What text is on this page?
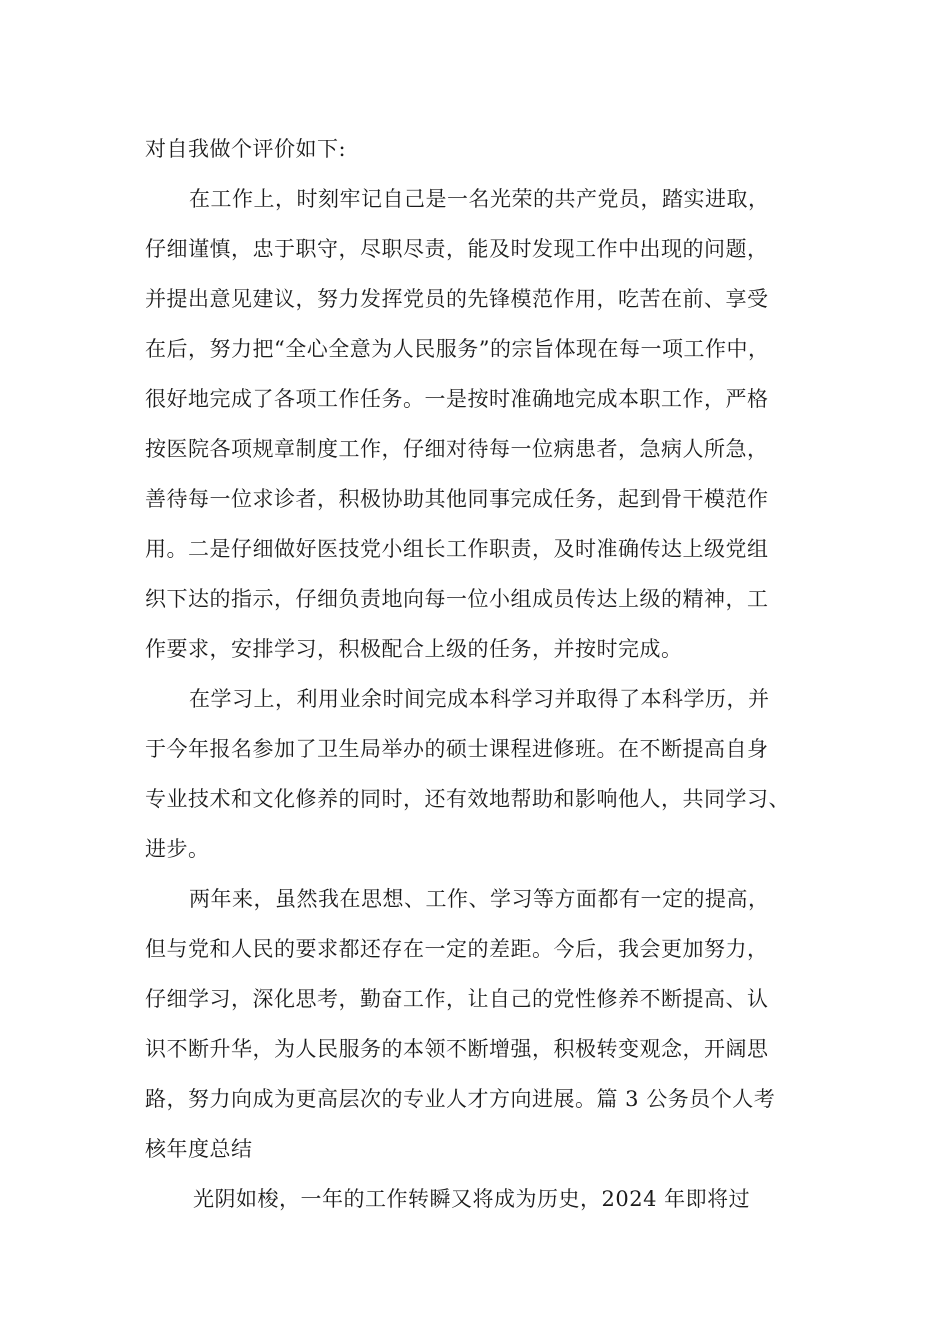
对自我做个评价如下:
在工作上，时刻牢记自己是一名光荣的共产党员，踏实进取，
仔细谨慎，忠于职守，尽职尽责，能及时发现工作中出现的问题，
并提出意见建议，努力发挥党员的先锋模范作用，吃苦在前、享受
在后，努力把“全心全意为人民服务”的宗旨体现在每一项工作中，
很好地完成了各项工作任务。一是按时准确地完成本职工作，严格
按医院各项规章制度工作，仔细对待每一位病患者，急病人所急，
善待每一位求诊者，积极协助其他同事完成任务，起到骨干模范作
用。二是仔细做好医技党小组长工作职责，及时准确传达上级党组
织下达的指示，仔细负责地向每一位小组成员传达上级的精神，工
作要求，安排学习，积极配合上级的任务，并按时完成。
在学习上，利用业余时间完成本科学习并取得了本科学历，并
于今年报名参加了卫生局举办的硕士课程进修班。在不断提高自身
专业技术和文化修养的同时，还有效地帮助和影响他人，共同学习、
进步。
两年来，虽然我在思想、工作、学习等方面都有一定的提高，
但与党和人民的要求都还存在一定的差距。今后，我会更加努力，
仔细学习，深化思考，勤奋工作，让自己的党性修养不断提高、认
识不断升华，为人民服务的本领不断增强，积极转变观念，开阔思
路，努力向成为更高层次的专业人才方向进展。篇 3 公务员个人考
核年度总结
光阴如梭，一年的工作转瞬又将成为历史，2024 年即将过
